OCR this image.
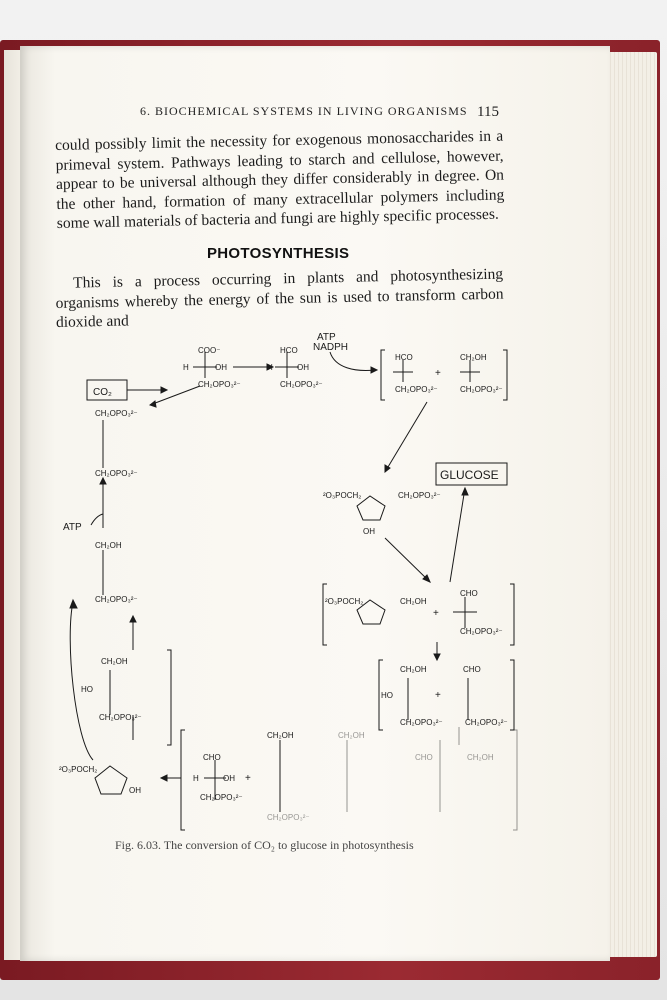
6. BIOCHEMICAL SYSTEMS IN LIVING ORGANISMS 115
could possibly limit the necessity for exogenous monosaccharides in a primeval system. Pathways leading to starch and cellulose, however, appear to be universal although they differ considerably in degree. On the other hand, formation of many extracellular polymers including some wall materials of bacteria and fungi are highly specific processes.
PHOTOSYNTHESIS
This is a process occurring in plants and photosynthesizing organisms whereby the energy of the sun is used to transform carbon dioxide and
CO₂
GLUCOSE
ATP
NADPH
ATP
COO⁻
H	OH
CH₂OPO₃²⁻
HCO
H	OH
CH₂OPO₃²⁻
HCO
CH₂OPO₃²⁻
+
CH₂OH
CH₂OPO₃²⁻
²O₃POCH₂	CH₂OPO₃²⁻
OH
²O₃POCH₂	CH₂OH
+
CHO
CH₂OPO₃²⁻
CH₂OH
HO	+
CHO
CH₂OPO₃²⁻	CH₂OPO₃²⁻
CHO
H	OH
CH₂OPO₃²⁻
+
CH₂OH
CH₂OPO₃²⁻
CH₂OH
CHO	CH₂OH
²O₃POCH₂
OH
CH₂OH
HO
CH₂OPO₃²⁻
CH₂OPO₃²⁻
CH₂OPO₃²⁻
CH₂OH
CH₂OPO₃²⁻
Fig. 6.03. The conversion of CO₂ to glucose in photosynthesis
